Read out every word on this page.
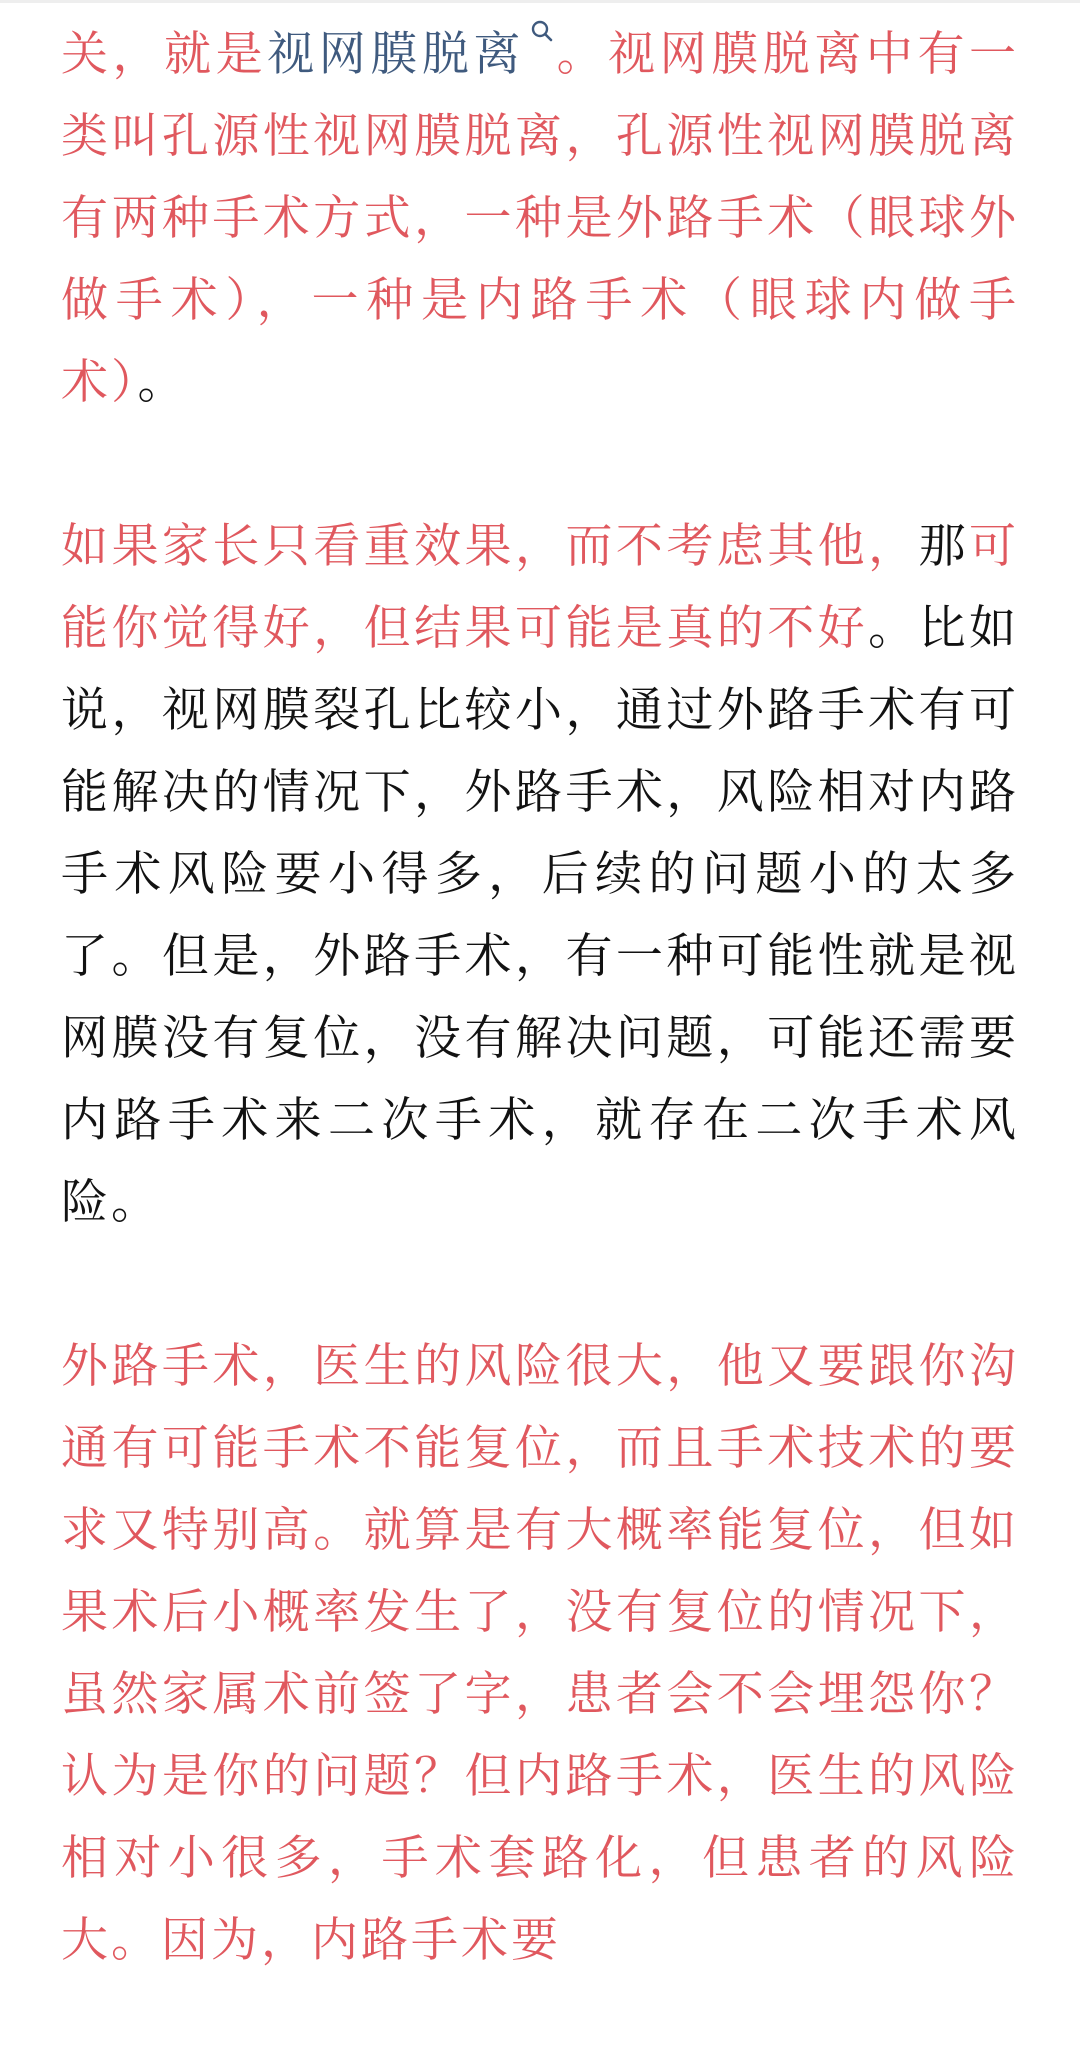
关，就是视网膜脱离 。视网膜脱离中有一类叫孔源性视网膜脱离，孔源性视网膜脱离有两种手术方式，一种是外路手术（眼球外做手术），一种是内路手术（眼球内做手术）。

如果家长只看重效果，而不考虑其他，那可能你觉得好，但结果可能是真的不好。比如说，视网膜裂孔比较小，通过外路手术有可能解决的情况下，外路手术，风险相对内路手术风险要小得多，后续的问题小的太多了。但是，外路手术，有一种可能性就是视网膜没有复位，没有解决问题，可能还需要内路手术来二次手术，就存在二次手术风险。

外路手术，医生的风险很大，他又要跟你沟通有可能手术不能复位，而且手术技术的要求又特别高。就算是有大概率能复位，但如果术后小概率发生了，没有复位的情况下，虽然家属术前签了字，患者会不会埋怨你？认为是你的问题？但内路手术，医生的风险相对小很多，手术套路化，但患者的风险大。因为，内路手术要
